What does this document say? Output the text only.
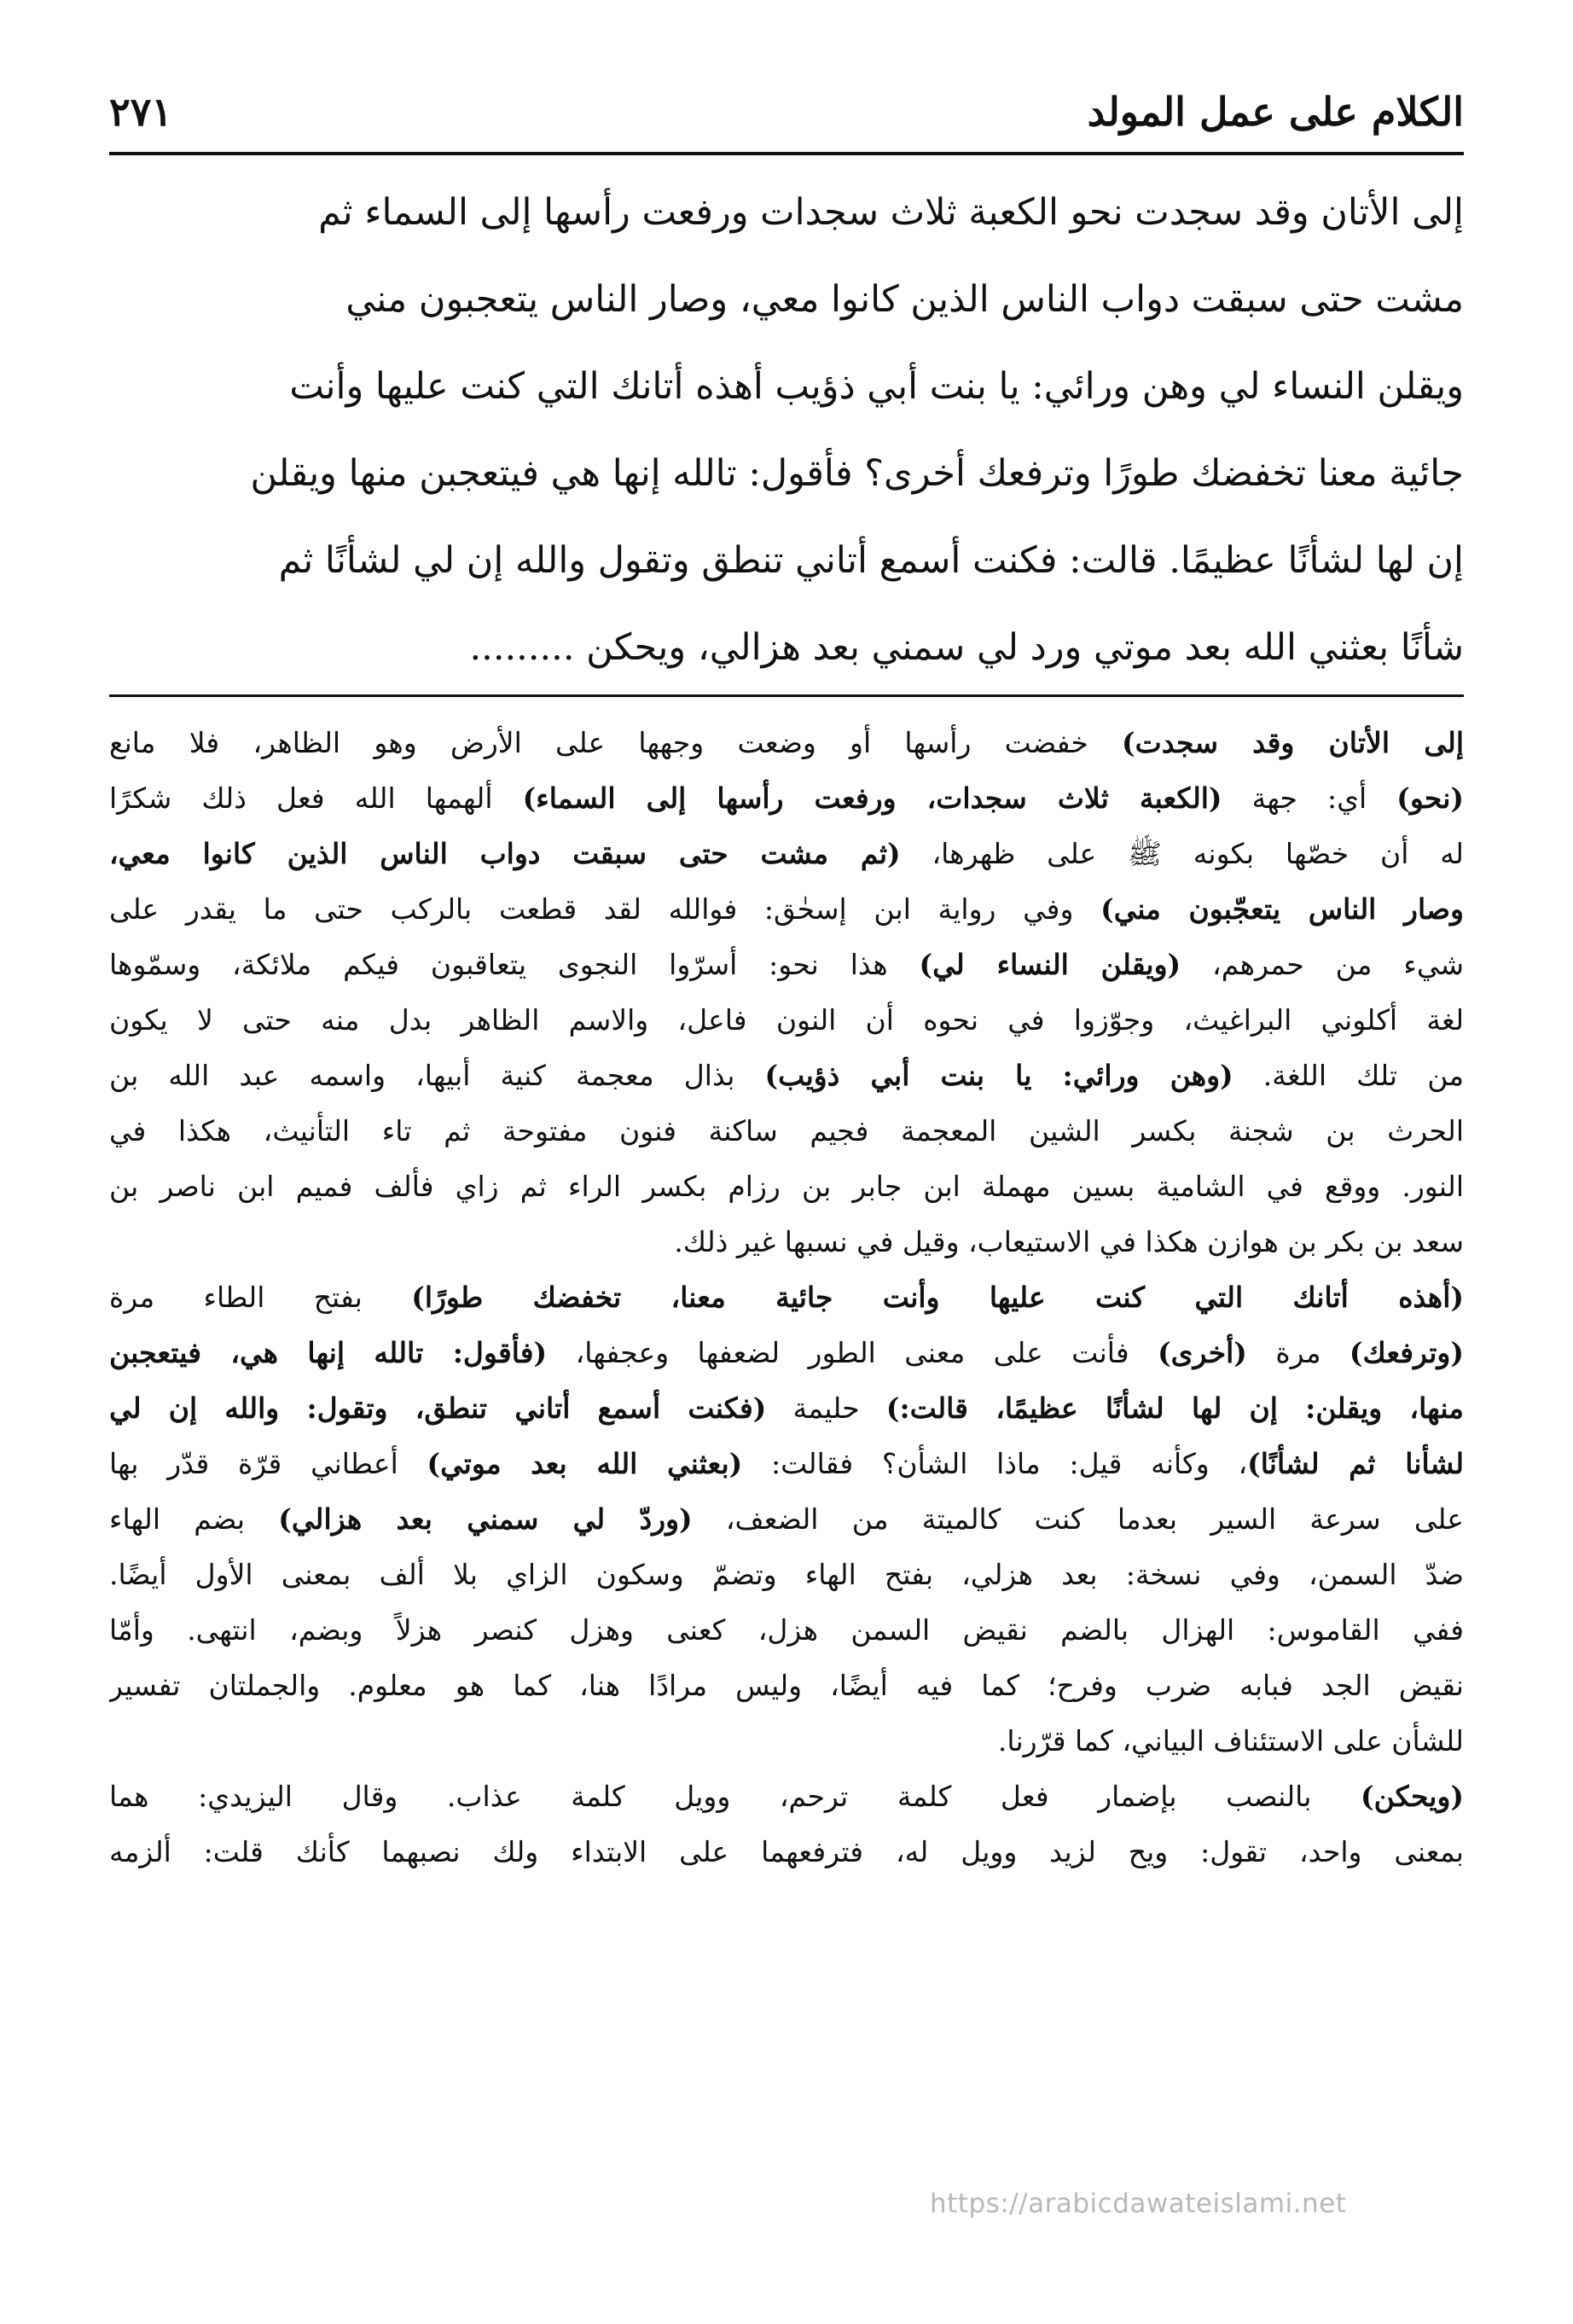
الكلام على عمل المولد
٢٧١

إلى الأتان وقد سجدت نحو الكعبة ثلاث سجدات ورفعت رأسها إلى السماء ثم

مشت حتى سبقت دواب الناس الذين كانوا معي، وصار الناس يتعجبون مني

ويقلن النساء لي وهن ورائي: يا بنت أبي ذؤيب أهذه أتانك التي كنت عليها وأنت

جائية معنا تخفضك طورًا وترفعك أخرى؟ فأقول: تالله إنها هي فيتعجبن منها ويقلن

إن لها لشأنًا عظيمًا. قالت: فكنت أسمع أتاني تنطق وتقول والله إن لي لشأنًا ثم

شأنًا بعثني الله بعد موتي ورد لي سمني بعد هزالي، ويحكن .........

إلى الأتان وقد سجدت) خفضت رأسها أو وضعت وجهها على الأرض وهو الظاهر، فلا مانع

(نحو) أي: جهة (الكعبة ثلاث سجدات، ورفعت رأسها إلى السماء) ألهمها الله فعل ذلك شكرًا

له أن خصّها بكونه ﷺ على ظهرها، (ثم مشت حتى سبقت دواب الناس الذين كانوا معي،

وصار الناس يتعجّبون مني) وفي رواية ابن إسحٰق: فوالله لقد قطعت بالركب حتى ما يقدر على

شيء من حمرهم، (ويقلن النساء لي) هذا نحو: أسرّوا النجوى يتعاقبون فيكم ملائكة، وسمّوها

لغة أكلوني البراغيث، وجوّزوا في نحوه أن النون فاعل، والاسم الظاهر بدل منه حتى لا يكون

من تلك اللغة. (وهن ورائي: يا بنت أبي ذؤيب) بذال معجمة كنية أبيها، واسمه عبد الله بن

الحرث بن شجنة بكسر الشين المعجمة فجيم ساكنة فنون مفتوحة ثم تاء التأنيث، هكذا في

النور. ووقع في الشامية بسين مهملة ابن جابر بن رزام بكسر الراء ثم زاي فألف فميم ابن ناصر بن

سعد بن بكر بن هوازن هكذا في الاستيعاب، وقيل في نسبها غير ذلك.

(أهذه أتانك التي كنت عليها وأنت جائية معنا، تخفضك طورًا) بفتح الطاء مرة

(وترفعك) مرة (أخرى) فأنت على معنى الطور لضعفها وعجفها، (فأقول: تالله إنها هي، فيتعجبن

منها، ويقلن: إن لها لشأنًا عظيمًا، قالت:) حليمة (فكنت أسمع أتاني تنطق، وتقول: والله إن لي

لشأنا ثم لشأنًا)، وكأنه قيل: ماذا الشأن؟ فقالت: (بعثني الله بعد موتي) أعطاني قرّة قدّر بها

على سرعة السير بعدما كنت كالميتة من الضعف، (وردّ لي سمني بعد هزالي) بضم الهاء

ضدّ السمن، وفي نسخة: بعد هزلي، بفتح الهاء وتضمّ وسكون الزاي بلا ألف بمعنى الأول أيضًا.

ففي القاموس: الهزال بالضم نقيض السمن هزل، كعنى وهزل كنصر هزلاً وبضم، انتهى. وأمّا

نقيض الجد فبابه ضرب وفرح؛ كما فيه أيضًا، وليس مرادًا هنا، كما هو معلوم. والجملتان تفسير

للشأن على الاستئناف البياني، كما قرّرنا.

(ويحكن) بالنصب بإضمار فعل كلمة ترحم، وويل كلمة عذاب. وقال اليزيدي: هما

بمعنى واحد، تقول: ويح لزيد وويل له، فترفعهما على الابتداء ولك نصبهما كأنك قلت: ألزمه

https://arabicdawateislami.net
